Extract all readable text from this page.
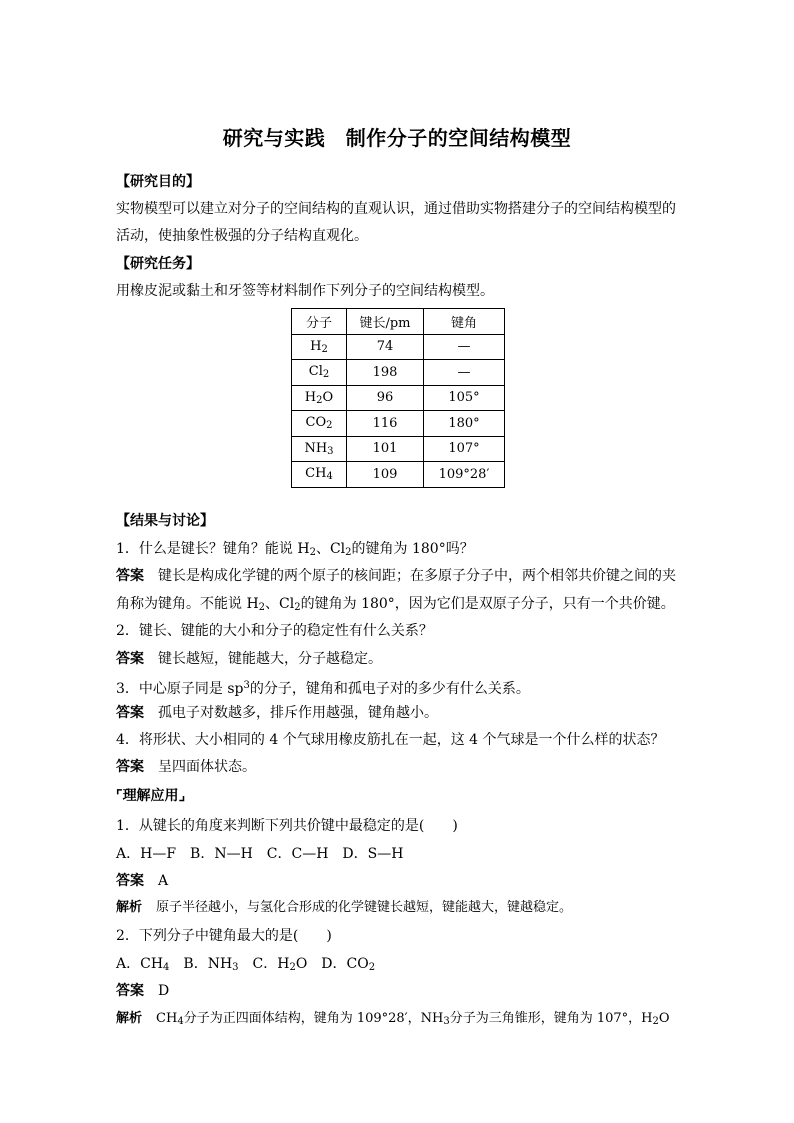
研究与实践　制作分子的空间结构模型
【研究目的】
实物模型可以建立对分子的空间结构的直观认识，通过借助实物搭建分子的空间结构模型的
活动，使抽象性极强的分子结构直观化。
【研究任务】
用橡皮泥或黏土和牙签等材料制作下列分子的空间结构模型。
分子	键长/pm	键角
$H_2$	74	—
$Cl_2$	198	—
$H_2O$	96	105°
$CO_2$	116	180°
$NH_3$	101	107°
$CH_4$	109	109°28′
【结果与讨论】
1．什么是键长？键角？能说 $H_2$、$Cl_2$的键角为 180°吗？
答案 键长是构成化学键的两个原子的核间距；在多原子分子中，两个相邻共价键之间的夹
角称为键角。不能说 $H_2$、$Cl_2$的键角为 180°，因为它们是双原子分子，只有一个共价键。
2．键长、键能的大小和分子的稳定性有什么关系？
答案 键长越短，键能越大，分子越稳定。
3．中心原子同是 $sp^3$的分子，键角和孤电子对的多少有什么关系。
答案 孤电子对数越多，排斥作用越强，键角越小。
4．将形状、大小相同的 4 个气球用橡皮筋扎在一起，这 4 个气球是一个什么样的状态？
答案 呈四面体状态。
⌜理解应用⌟
1．从键长的角度来判断下列共价键中最稳定的是(　　)
A．H—F　B．N—H　C．C—H　D．S—H
答案 A
解析 原子半径越小，与氢化合形成的化学键键长越短，键能越大，键越稳定。
2．下列分子中键角最大的是(　　)
A．$CH_4$　B．$NH_3$　C．$H_2O$　D．$CO_2$
答案 D
解析 $CH_4$分子为正四面体结构，键角为 109°28′，$NH_3$分子为三角锥形，键角为 107°，$H_2O$
